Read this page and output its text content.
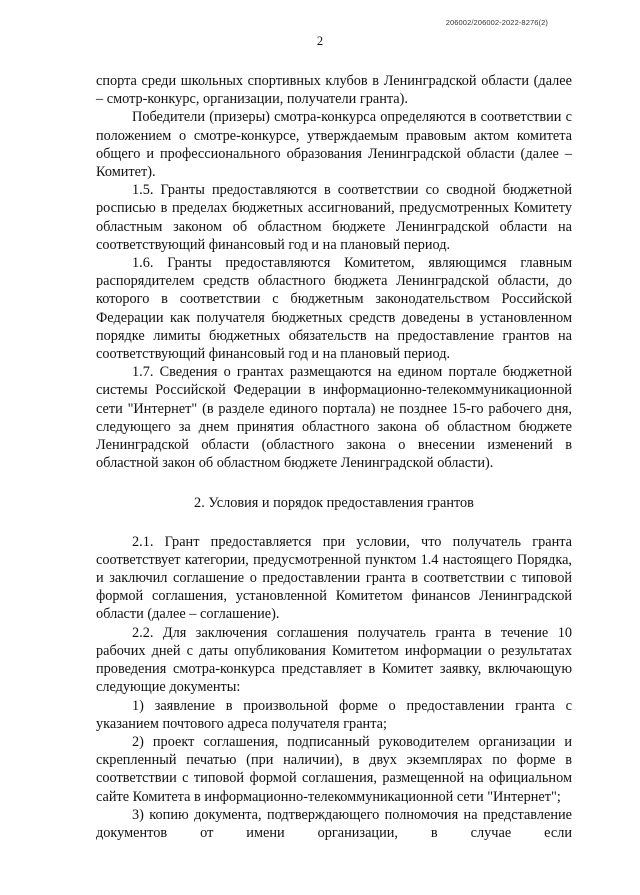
206002/206002-2022-8276(2)
2

спорта среди школьных спортивных клубов в Ленинградской области (далее – смотр-конкурс, организации, получатели гранта).

Победители (призеры) смотра-конкурса определяются в соответствии с положением о смотре-конкурсе, утверждаемым правовым актом комитета общего и профессионального образования Ленинградской области (далее – Комитет).

1.5. Гранты предоставляются в соответствии со сводной бюджетной росписью в пределах бюджетных ассигнований, предусмотренных Комитету областным законом об областном бюджете Ленинградской области на соответствующий финансовый год и на плановый период.

1.6. Гранты предоставляются Комитетом, являющимся главным распорядителем средств областного бюджета Ленинградской области, до которого в соответствии с бюджетным законодательством Российской Федерации как получателя бюджетных средств доведены в установленном порядке лимиты бюджетных обязательств на предоставление грантов на соответствующий финансовый год и на плановый период.

1.7. Сведения о грантах размещаются на едином портале бюджетной системы Российской Федерации в информационно-телекоммуникационной сети "Интернет" (в разделе единого портала) не позднее 15-го рабочего дня, следующего за днем принятия областного закона об областном бюджете Ленинградской области (областного закона о внесении изменений в областной закон об областном бюджете Ленинградской области).

2. Условия и порядок предоставления грантов

2.1. Грант предоставляется при условии, что получатель гранта соответствует категории, предусмотренной пунктом 1.4 настоящего Порядка, и заключил соглашение о предоставлении гранта в соответствии с типовой формой соглашения, установленной Комитетом финансов Ленинградской области (далее – соглашение).

2.2. Для заключения соглашения получатель гранта в течение 10 рабочих дней с даты опубликования Комитетом информации о результатах проведения смотра-конкурса представляет в Комитет заявку, включающую следующие документы:

1) заявление в произвольной форме о предоставлении гранта с указанием почтового адреса получателя гранта;

2) проект соглашения, подписанный руководителем организации и скрепленный печатью (при наличии), в двух экземплярах по форме в соответствии с типовой формой соглашения, размещенной на официальном сайте Комитета в информационно-телекоммуникационной сети "Интернет";

3) копию документа, подтверждающего полномочия на представление документов от имени организации, в случае если
